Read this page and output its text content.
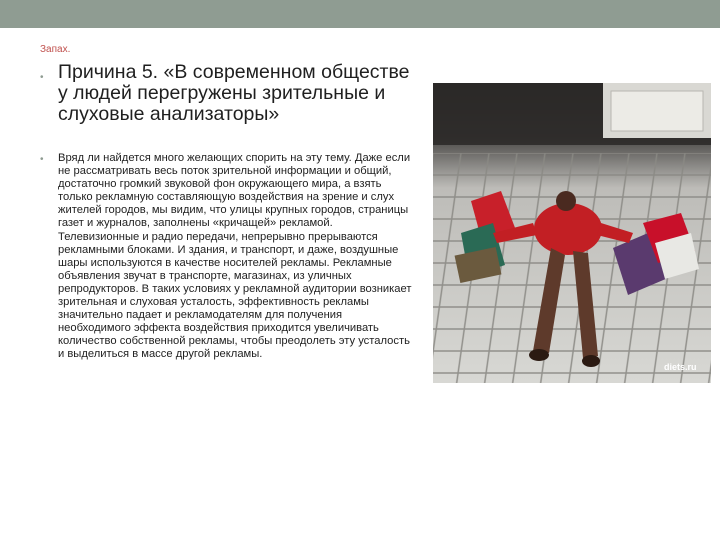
Запах.
• Причина 5. «В современном обществе у людей перегружены зрительные и слуховые анализаторы»
• Вряд ли найдется много желающих спорить на эту тему. Даже если не рассматривать весь поток зрительной информации и общий, достаточно громкий звуковой фон окружающего мира, а взять только рекламную составляющую воздействия на зрение и слух жителей городов, мы видим, что улицы крупных городов, страницы газет и журналов, заполнены «кричащей» рекламой. Телевизионные и радио передачи, непрерывно прерываются рекламными блоками. И здания, и транспорт, и даже, воздушные шары используются в качестве носителей рекламы. Рекламные объявления звучат в транспорте, магазинах, из уличных репродукторов. В таких условиях у рекламной аудитории возникает зрительная и слуховая усталость, эффективность рекламы значительно падает и рекламодателям для получения необходимого эффекта воздействия приходится увеличивать количество собственной рекламы, чтобы преодолеть эту усталость и выделиться в массе другой рекламы.
diets.ru
